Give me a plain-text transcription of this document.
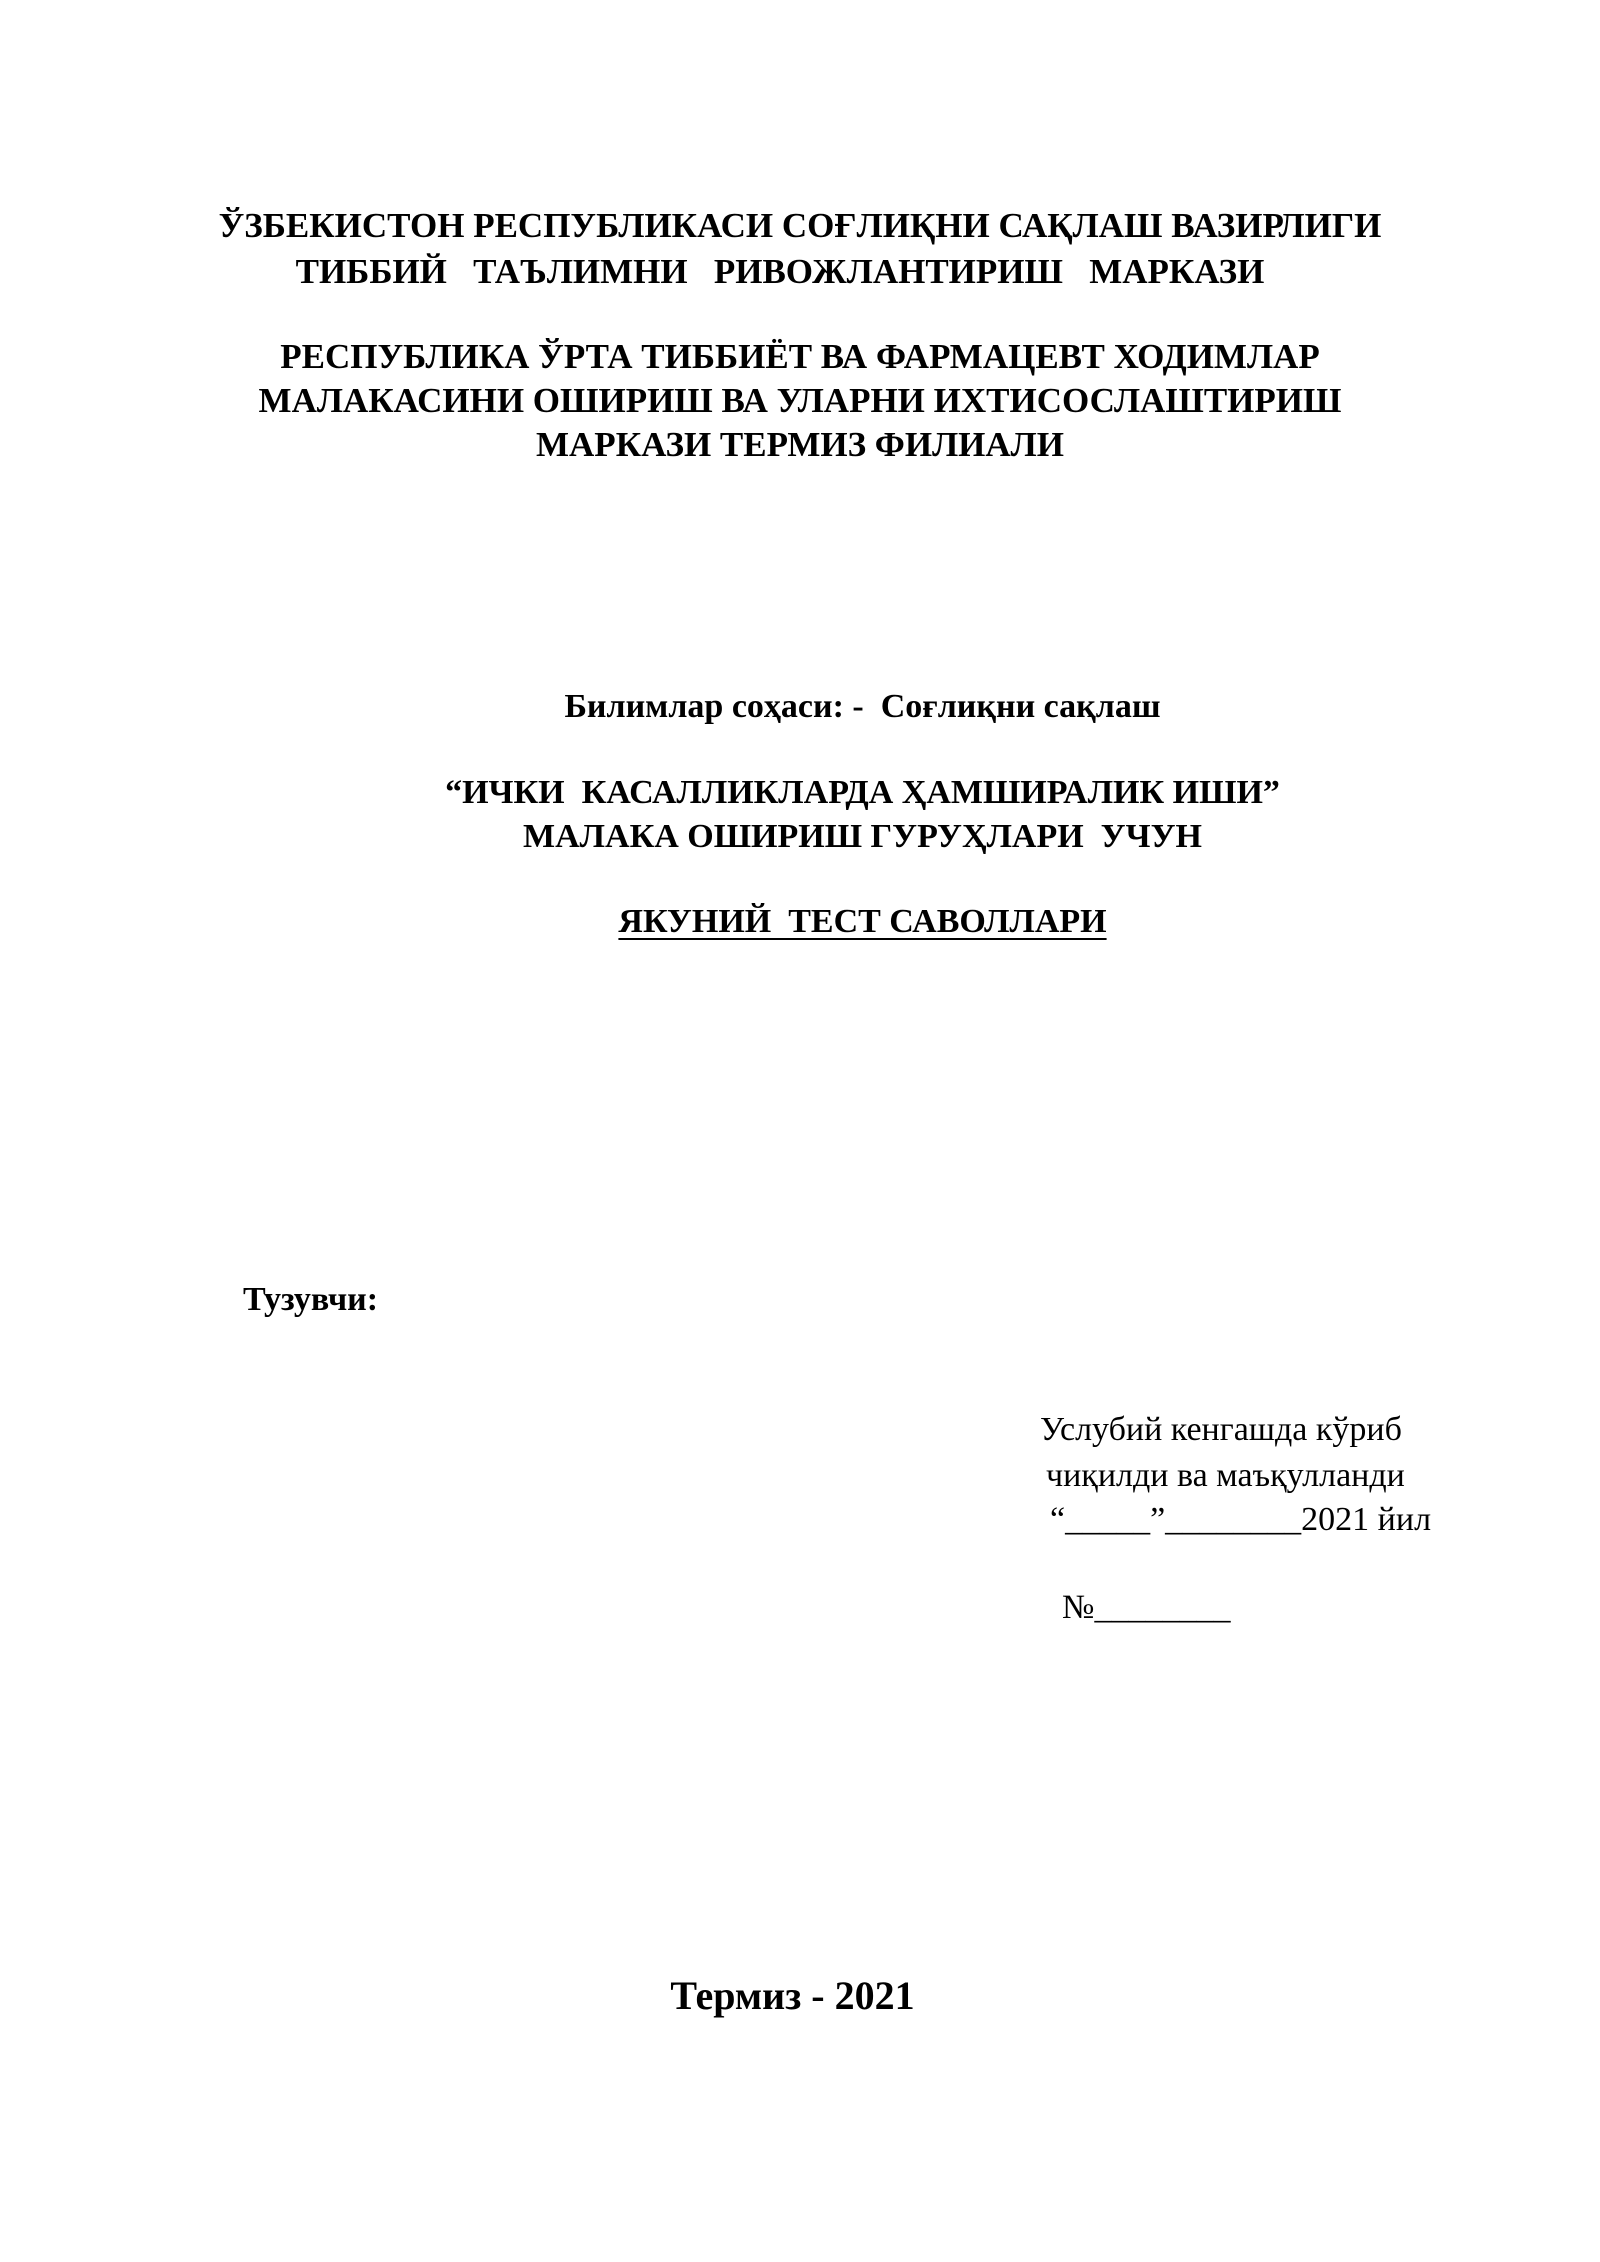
ЎЗБЕКИСТОН РЕСПУБЛИКАСИ СОҒЛИҚНИ САҚЛАШ ВАЗИРЛИГИ
ТИББИЙ   ТАЪЛИМНИ   РИВОЖЛАНТИРИШ   МАРКАЗИ
РЕСПУБЛИКА ЎРТА ТИББИЁТ ВА ФАРМАЦЕВТ ХОДИМЛАР
МАЛАКАСИНИ ОШИРИШ ВА УЛАРНИ ИХТИСОСЛАШТИРИШ
МАРКАЗИ ТЕРМИЗ ФИЛИАЛИ
Билимлар соҳаси: -  Соғлиқни сақлаш
“ИЧКИ  КАСАЛЛИКЛАРДА ҲАМШИРАЛИК ИШИ”
МАЛАКА ОШИРИШ ГУРУҲЛАРИ  УЧУН
ЯКУНИЙ  ТЕСТ САВОЛЛАРИ
Тузувчи:
Услубий кенгашда кўриб
чиқилди ва маъқулланди
“_____”________2021 йил
№________
Термиз - 2021
